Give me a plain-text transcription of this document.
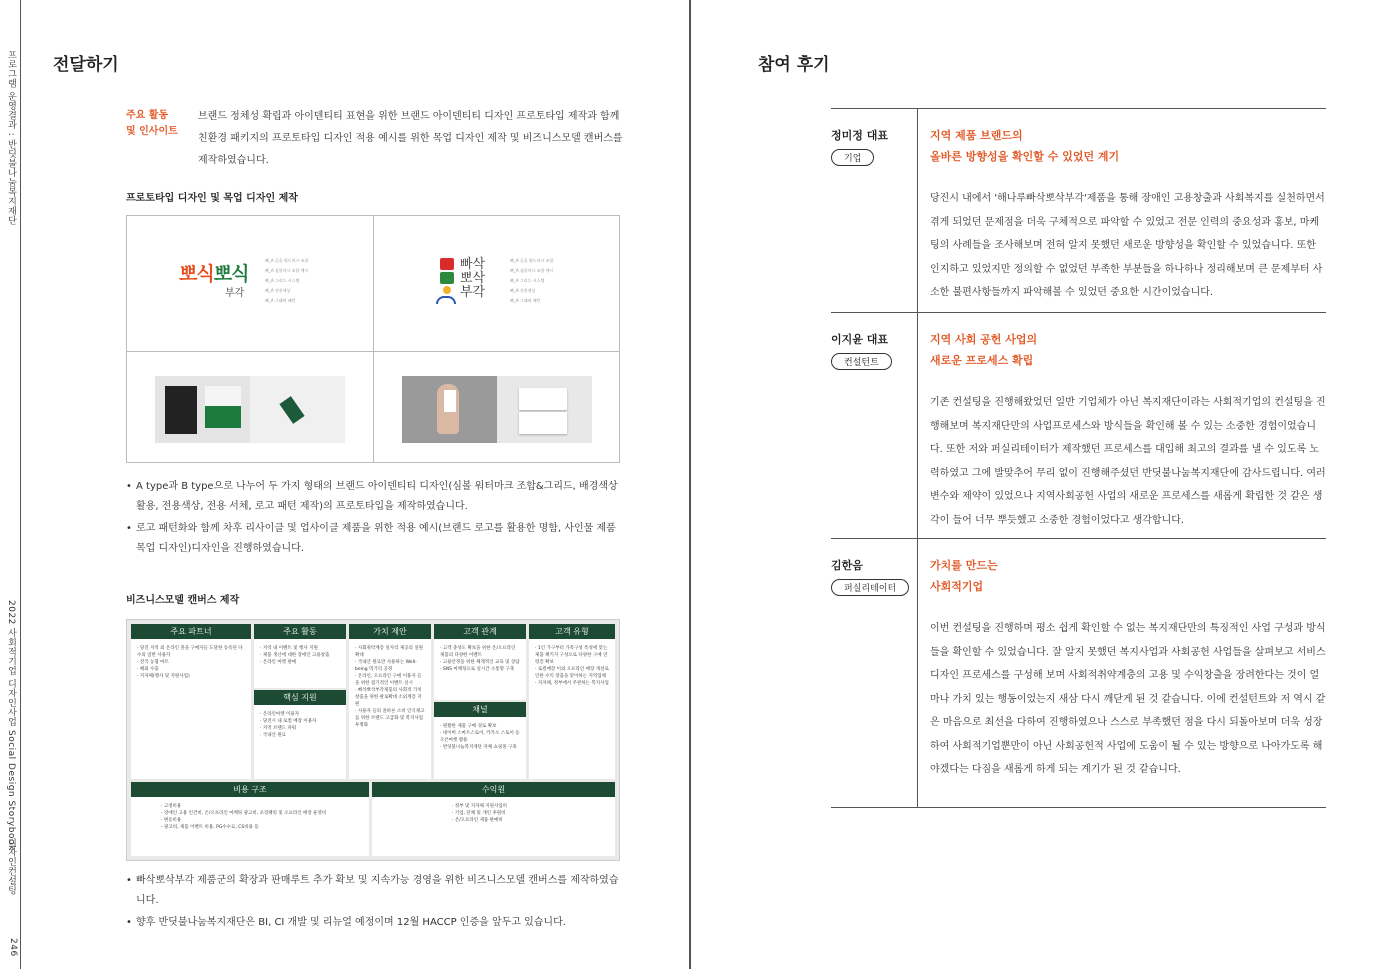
프로그램 운영결과 : 반딧불나눔복지재단
2022 사회적기업 디자인사업 Social Design Storybook
디자인컨설팅
246
전달하기
주요 활동
및 인사이트
브랜드 정체성 확립과 아이덴티티 표현을 위한 브랜드 아이덴티티 디자인 프로토타입 제작과 함께 친환경 패키지의 프로토타입 디자인 적용 예시를 위한 목업 디자인 제작 및 비즈니스모델 캔버스를 제작하였습니다.
프로토타입 디자인 및 목업 디자인 제작
뽀식뽀식
부각
빠_A 글꼴 워드마크 조합
빠_A 심볼마크 조합 예시
빠_A 그리드 시스템
빠_A 전용색상
빠_A 그래픽 패턴
빠삭
뽀삭
부각
빠_A 글꼴 워드마크 조합
빠_A 심볼마크 조합 예시
빠_A 그리드 시스템
빠_A 전용색상
빠_A 그래픽 패턴
• A type과 B type으로 나누어 두 가지 형태의 브랜드 아이덴티티 디자인(심볼 워터마크 조합&그리드, 배경색상 활용, 전용색상, 전용 서체, 로고 패턴 제작)의 프로토타입을 제작하였습니다.
• 로고 패턴화와 함께 차후 리사이클 및 업사이클 제품을 위한 적용 예시(브랜드 로고를 활용한 명함, 사인물 제품 목업 디자인)디자인을 진행하였습니다.
비즈니스모델 캔버스 제작
주요 파트너
· 당진 지역 외 온라인 몰을 구매자들 도달한 동록된 다수의 일반 사용자
· 전국 농협 마트
· 해외 수출
· 지자체(행사 및 지원사업)
주요 활동
· 지역 내 이벤트 및 행사 지원
· 제품 생산에 대한 장애인 고용창출
· 온라인 마켓 판매
핵심 지원
· 온라인마켓 이용자
· 당진시 내 로컬 매장 이용자
· 지역 브랜드 파워
· 국내산 원료
가치 제안
· 사회취약계층 일자리 제공의 일원 확대
· 국내산 원료만 사용하는 Well-being 먹거리 공정
· 온라인, 오프라인 구매 이용자 들을 위한 접기적인 이벤트 실시
· 빠삭뽀삭부각제품의 사회적 가치 창출을 위한 판로확대 소외계층 지원
· 사용자 들의 올바른 소비 인식제고를 위한 브랜드 고급화 및 복지사업 투명화
고객 관계
· 고객 충성도 확보을 위한 온/오프라인 제품의 다양한 이벤트
· 고용안정을 위한 체계적인 교육 및 상담
· SNS 마케팅으로 실시간 소통망 구축
채널
· 원활한 제품 구매 경로 확보
· 네이버 스마트스토어, 카카오 스토어 등 오픈마켓 활용
· 반딧불나눔복지재단 자체 쇼핑몰 구축
고객 유형
· 1인 가구부터 가족구성 특성에 맞는 제품 패키지 구성으로 다양한 구매 연령층 확보
· 로컬매장 이외 오프라인 매장 개설로 인한 수익 창출을 맞이하는 지역업체
· 지자체, 정부에서 주관하는 복지사업
비용 구조
· 고정비용
- 장애인 고용 인건비, 온/오프라인 마케팅 광고비, 포장패킹 및 오프라인 매장 운영비
· 변동비용
- 광고비, 제품 이벤트 비용, PG수수료, CS비용 등
수익원
· 정부 및 지자체 지원사업비
· 기업, 단체 및 개인 후원비
· 온/오프라인 제품 판매비
• 빠삭뽀삭부각 제품군의 확장과 판매루트 추가 확보 및 지속가능 경영을 위한 비즈니스모델 캔버스를 제작하였습니다.
• 향후 반딧불나눔복지재단은 BI, CI 개발 및 리뉴얼 예정이며 12월 HACCP 인증을 앞두고 있습니다.
참여 후기
정미정 대표
기업
지역 제품 브랜드의
올바른 방향성을 확인할 수 있었던 계기
당진시 내에서 '해나루빠삭뽀삭부각'제품을 통해 장애인 고용창출과 사회복지를 실천하면서 겪게 되었던 문제점을 더욱 구체적으로 파악할 수 있었고 전문 인력의 중요성과 홍보, 마케팅의 사례들을 조사해보며 전혀 알지 못했던 새로운 방향성을 확인할 수 있었습니다. 또한 인지하고 있었지만 정의할 수 없었던 부족한 부분들을 하나하나 정리해보며 큰 문제부터 사소한 불편사항들까지 파악해볼 수 있었던 중요한 시간이었습니다.
이지윤 대표
컨설턴트
지역 사회 공헌 사업의
새로운 프로세스 확립
기존 컨설팅을 진행해왔었던 일반 기업체가 아닌 복지재단이라는 사회적기업의 컨설팅을 진행해보며 복지재단만의 사업프로세스와 방식들을 확인해 볼 수 있는 소중한 경험이었습니다. 또한 저와 퍼실리테이터가 제작했던 프로세스를 대입해 최고의 결과를 낼 수 있도록 노력하였고 그에 발맞추어 무리 없이 진행해주셨던 반딧불나눔복지재단에 감사드립니다. 여러 변수와 제약이 있었으나 지역사회공헌 사업의 새로운 프로세스를 새롭게 확립한 것 같은 생각이 들어 너무 뿌듯했고 소중한 경험이었다고 생각합니다.
김한음
퍼실리테이터
가치를 만드는
사회적기업
이번 컨설팅을 진행하며 평소 쉽게 확인할 수 없는 복지재단만의 특징적인 사업 구성과 방식들을 확인할 수 있었습니다. 잘 알지 못했던 복지사업과 사회공헌 사업들을 살펴보고 서비스디자인 프로세스를 구성해 보며 사회적취약계층의 고용 및 수익창출을 장려한다는 것이 얼마나 가치 있는 행동이었는지 새삼 다시 깨닫게 된 것 같습니다. 이에 컨설턴트와 저 역시 같은 마음으로 최선을 다하여 진행하였으나 스스로 부족했던 점을 다시 되돌아보며 더욱 성장하여 사회적기업뿐만이 아닌 사회공헌적 사업에 도움이 될 수 있는 방향으로 나아가도록 해야겠다는 다짐을 새롭게 하게 되는 계기가 된 것 같습니다.
